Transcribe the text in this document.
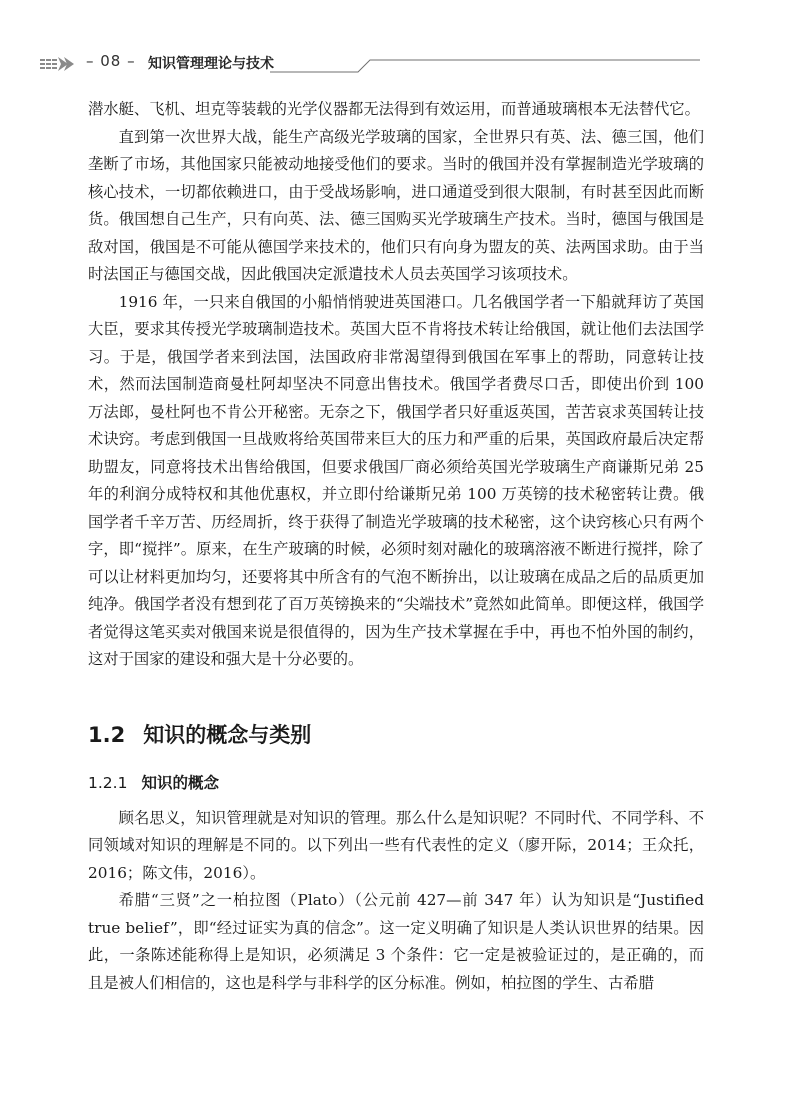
– 08 – 知识管理理论与技术

潜水艇、飞机、坦克等装载的光学仪器都无法得到有效运用，而普通玻璃根本无法替代它。

直到第一次世界大战，能生产高级光学玻璃的国家，全世界只有英、法、德三国，他们垄断了市场，其他国家只能被动地接受他们的要求。当时的俄国并没有掌握制造光学玻璃的核心技术，一切都依赖进口，由于受战场影响，进口通道受到很大限制，有时甚至因此而断货。俄国想自己生产，只有向英、法、德三国购买光学玻璃生产技术。当时，德国与俄国是敌对国，俄国是不可能从德国学来技术的，他们只有向身为盟友的英、法两国求助。由于当时法国正与德国交战，因此俄国决定派遣技术人员去英国学习该项技术。

1916 年，一只来自俄国的小船悄悄驶进英国港口。几名俄国学者一下船就拜访了英国大臣，要求其传授光学玻璃制造技术。英国大臣不肯将技术转让给俄国，就让他们去法国学习。于是，俄国学者来到法国，法国政府非常渴望得到俄国在军事上的帮助，同意转让技术，然而法国制造商曼杜阿却坚决不同意出售技术。俄国学者费尽口舌，即使出价到 100 万法郎，曼杜阿也不肯公开秘密。无奈之下，俄国学者只好重返英国，苦苦哀求英国转让技术诀窍。考虑到俄国一旦战败将给英国带来巨大的压力和严重的后果，英国政府最后决定帮助盟友，同意将技术出售给俄国，但要求俄国厂商必须给英国光学玻璃生产商谦斯兄弟 25 年的利润分成特权和其他优惠权，并立即付给谦斯兄弟 100 万英镑的技术秘密转让费。俄国学者千辛万苦、历经周折，终于获得了制造光学玻璃的技术秘密，这个诀窍核心只有两个字，即“搅拌”。原来，在生产玻璃的时候，必须时刻对融化的玻璃溶液不断进行搅拌，除了可以让材料更加均匀，还要将其中所含有的气泡不断拚出，以让玻璃在成品之后的品质更加纯净。俄国学者没有想到花了百万英镑换来的“尖端技术”竟然如此简单。即便这样，俄国学者觉得这笔买卖对俄国来说是很值得的，因为生产技术掌握在手中，再也不怕外国的制约，这对于国家的建设和强大是十分必要的。

1.2 知识的概念与类别
1.2.1 知识的概念

顾名思义，知识管理就是对知识的管理。那么什么是知识呢？不同时代、不同学科、不同领域对知识的理解是不同的。以下列出一些有代表性的定义（廖开际，2014；王众托，2016；陈文伟，2016）。

希腊“三贤”之一柏拉图（Plato）（公元前 427—前 347 年）认为知识是“Justified true belief”，即“经过证实为真的信念”。这一定义明确了知识是人类认识世界的结果。因此，一条陈述能称得上是知识，必须满足 3 个条件：它一定是被验证过的，是正确的，而且是被人们相信的，这也是科学与非科学的区分标准。例如，柏拉图的学生、古希腊
